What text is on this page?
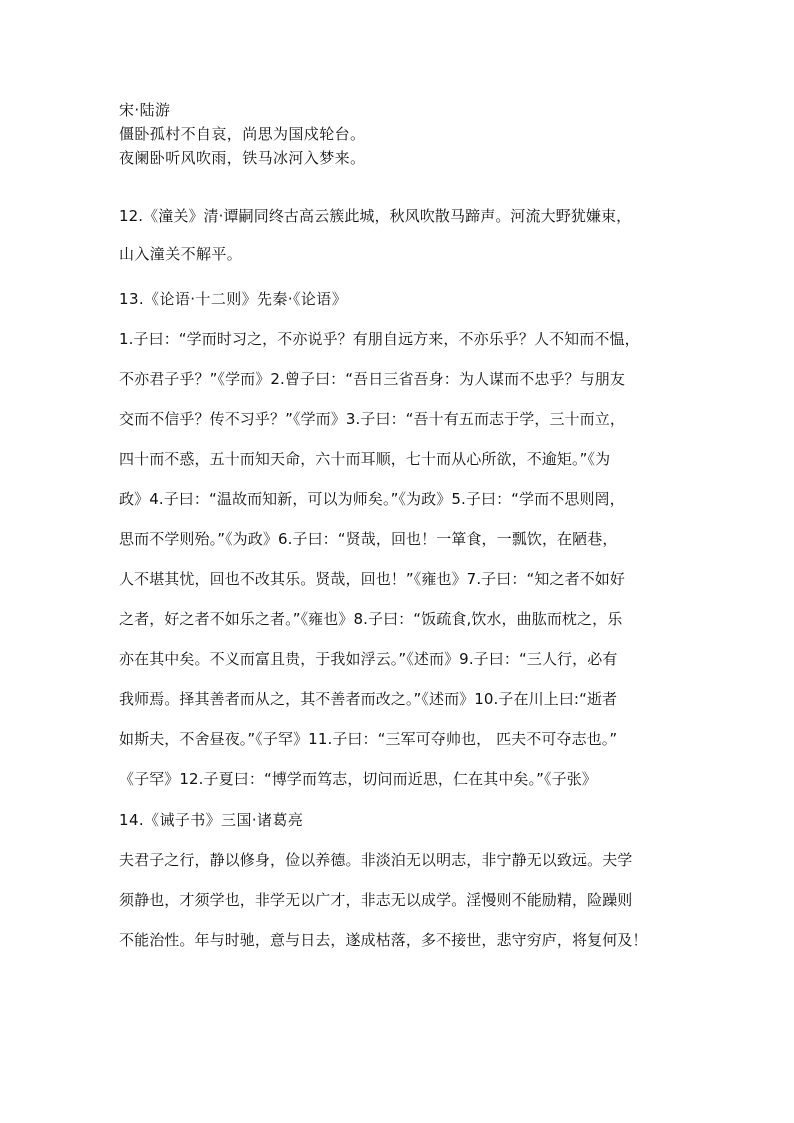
宋·陆游
僵卧孤村不自哀，尚思为国戍轮台。
夜阑卧听风吹雨，铁马冰河入梦来。
12.《潼关》清·谭嗣同终古高云簇此城，秋风吹散马蹄声。河流大野犹嫌束，
山入潼关不解平。
13.《论语·十二则》先秦·《论语》
1.子曰：“学而时习之，不亦说乎？有朋自远方来，不亦乐乎？人不知而不愠，
不亦君子乎？”《学而》2.曾子曰：“吾日三省吾身：为人谋而不忠乎？与朋友
交而不信乎？传不习乎？”《学而》3.子曰：“吾十有五而志于学，三十而立，
四十而不惑，五十而知天命，六十而耳顺，七十而从心所欲，不逾矩。”《为
政》4.子曰：“温故而知新，可以为师矣。”《为政》5.子曰：“学而不思则罔，
思而不学则殆。”《为政》6.子曰：“贤哉，回也！一箪食，一瓢饮，在陋巷，
人不堪其忧，回也不改其乐。贤哉，回也！”《雍也》7.子曰：“知之者不如好
之者，好之者不如乐之者。”《雍也》8.子曰：“饭疏食,饮水，曲肱而枕之，乐
亦在其中矣。不义而富且贵，于我如浮云。”《述而》9.子曰：“三人行，必有
我师焉。择其善者而从之，其不善者而改之。”《述而》10.子在川上曰:“逝者
如斯夫，不舍昼夜。”《子罕》11.子曰：“三军可夺帅也， 匹夫不可夺志也。”
《子罕》12.子夏曰：“博学而笃志，切问而近思，仁在其中矣。”《子张》
14.《诫子书》三国·诸葛亮
夫君子之行，静以修身，俭以养德。非淡泊无以明志，非宁静无以致远。夫学
须静也，才须学也，非学无以广才，非志无以成学。淫慢则不能励精，险躁则
不能治性。年与时驰，意与日去，遂成枯落，多不接世，悲守穷庐，将复何及！
